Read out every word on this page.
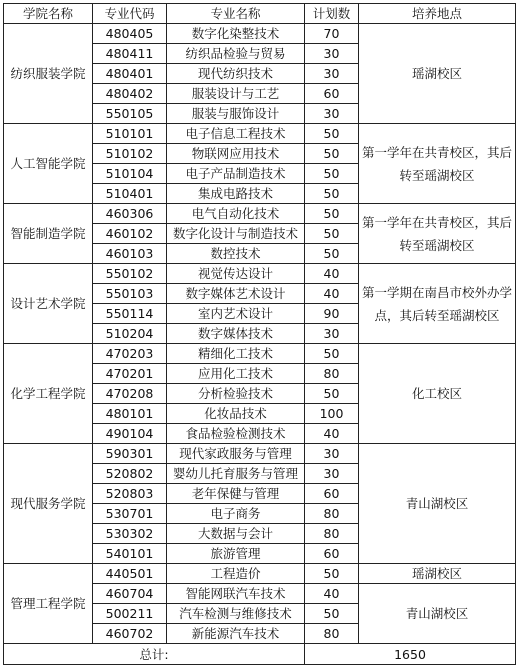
学院名称	专业代码	专业名称	计划数	培养地点
纺织服装学院	480405	数字化染整技术	70	瑶湖校区
	480411	纺织品检验与贸易	30	
	480401	现代纺织技术	30	
	480402	服装设计与工艺	60	
	550105	服装与服饰设计	30	
人工智能学院	510101	电子信息工程技术	50	第一学年在共青校区，其后转至瑶湖校区
	510102	物联网应用技术	50	
	510104	电子产品制造技术	50	
	510401	集成电路技术	50	
智能制造学院	460306	电气自动化技术	50	第一学年在共青校区，其后转至瑶湖校区
	460102	数字化设计与制造技术	50	
	460103	数控技术	50	
设计艺术学院	550102	视觉传达设计	40	第一学期在南昌市校外办学点，其后转至瑶湖校区
	550103	数字媒体艺术设计	40	
	550114	室内艺术设计	90	
	510204	数字媒体技术	30	
化学工程学院	470203	精细化工技术	50	化工校区
	470201	应用化工技术	80	
	470208	分析检验技术	50	
	480101	化妆品技术	100	
	490104	食品检验检测技术	40	
现代服务学院	590301	现代家政服务与管理	30	青山湖校区
	520802	婴幼儿托育服务与管理	30	
	520803	老年保健与管理	60	
	530701	电子商务	80	
	530302	大数据与会计	80	
	540101	旅游管理	60	
管理工程学院	440501	工程造价	50	瑶湖校区
	460704	智能网联汽车技术	40	青山湖校区
	500211	汽车检测与维修技术	50	
	460702	新能源汽车技术	80	
总计:			1650	
